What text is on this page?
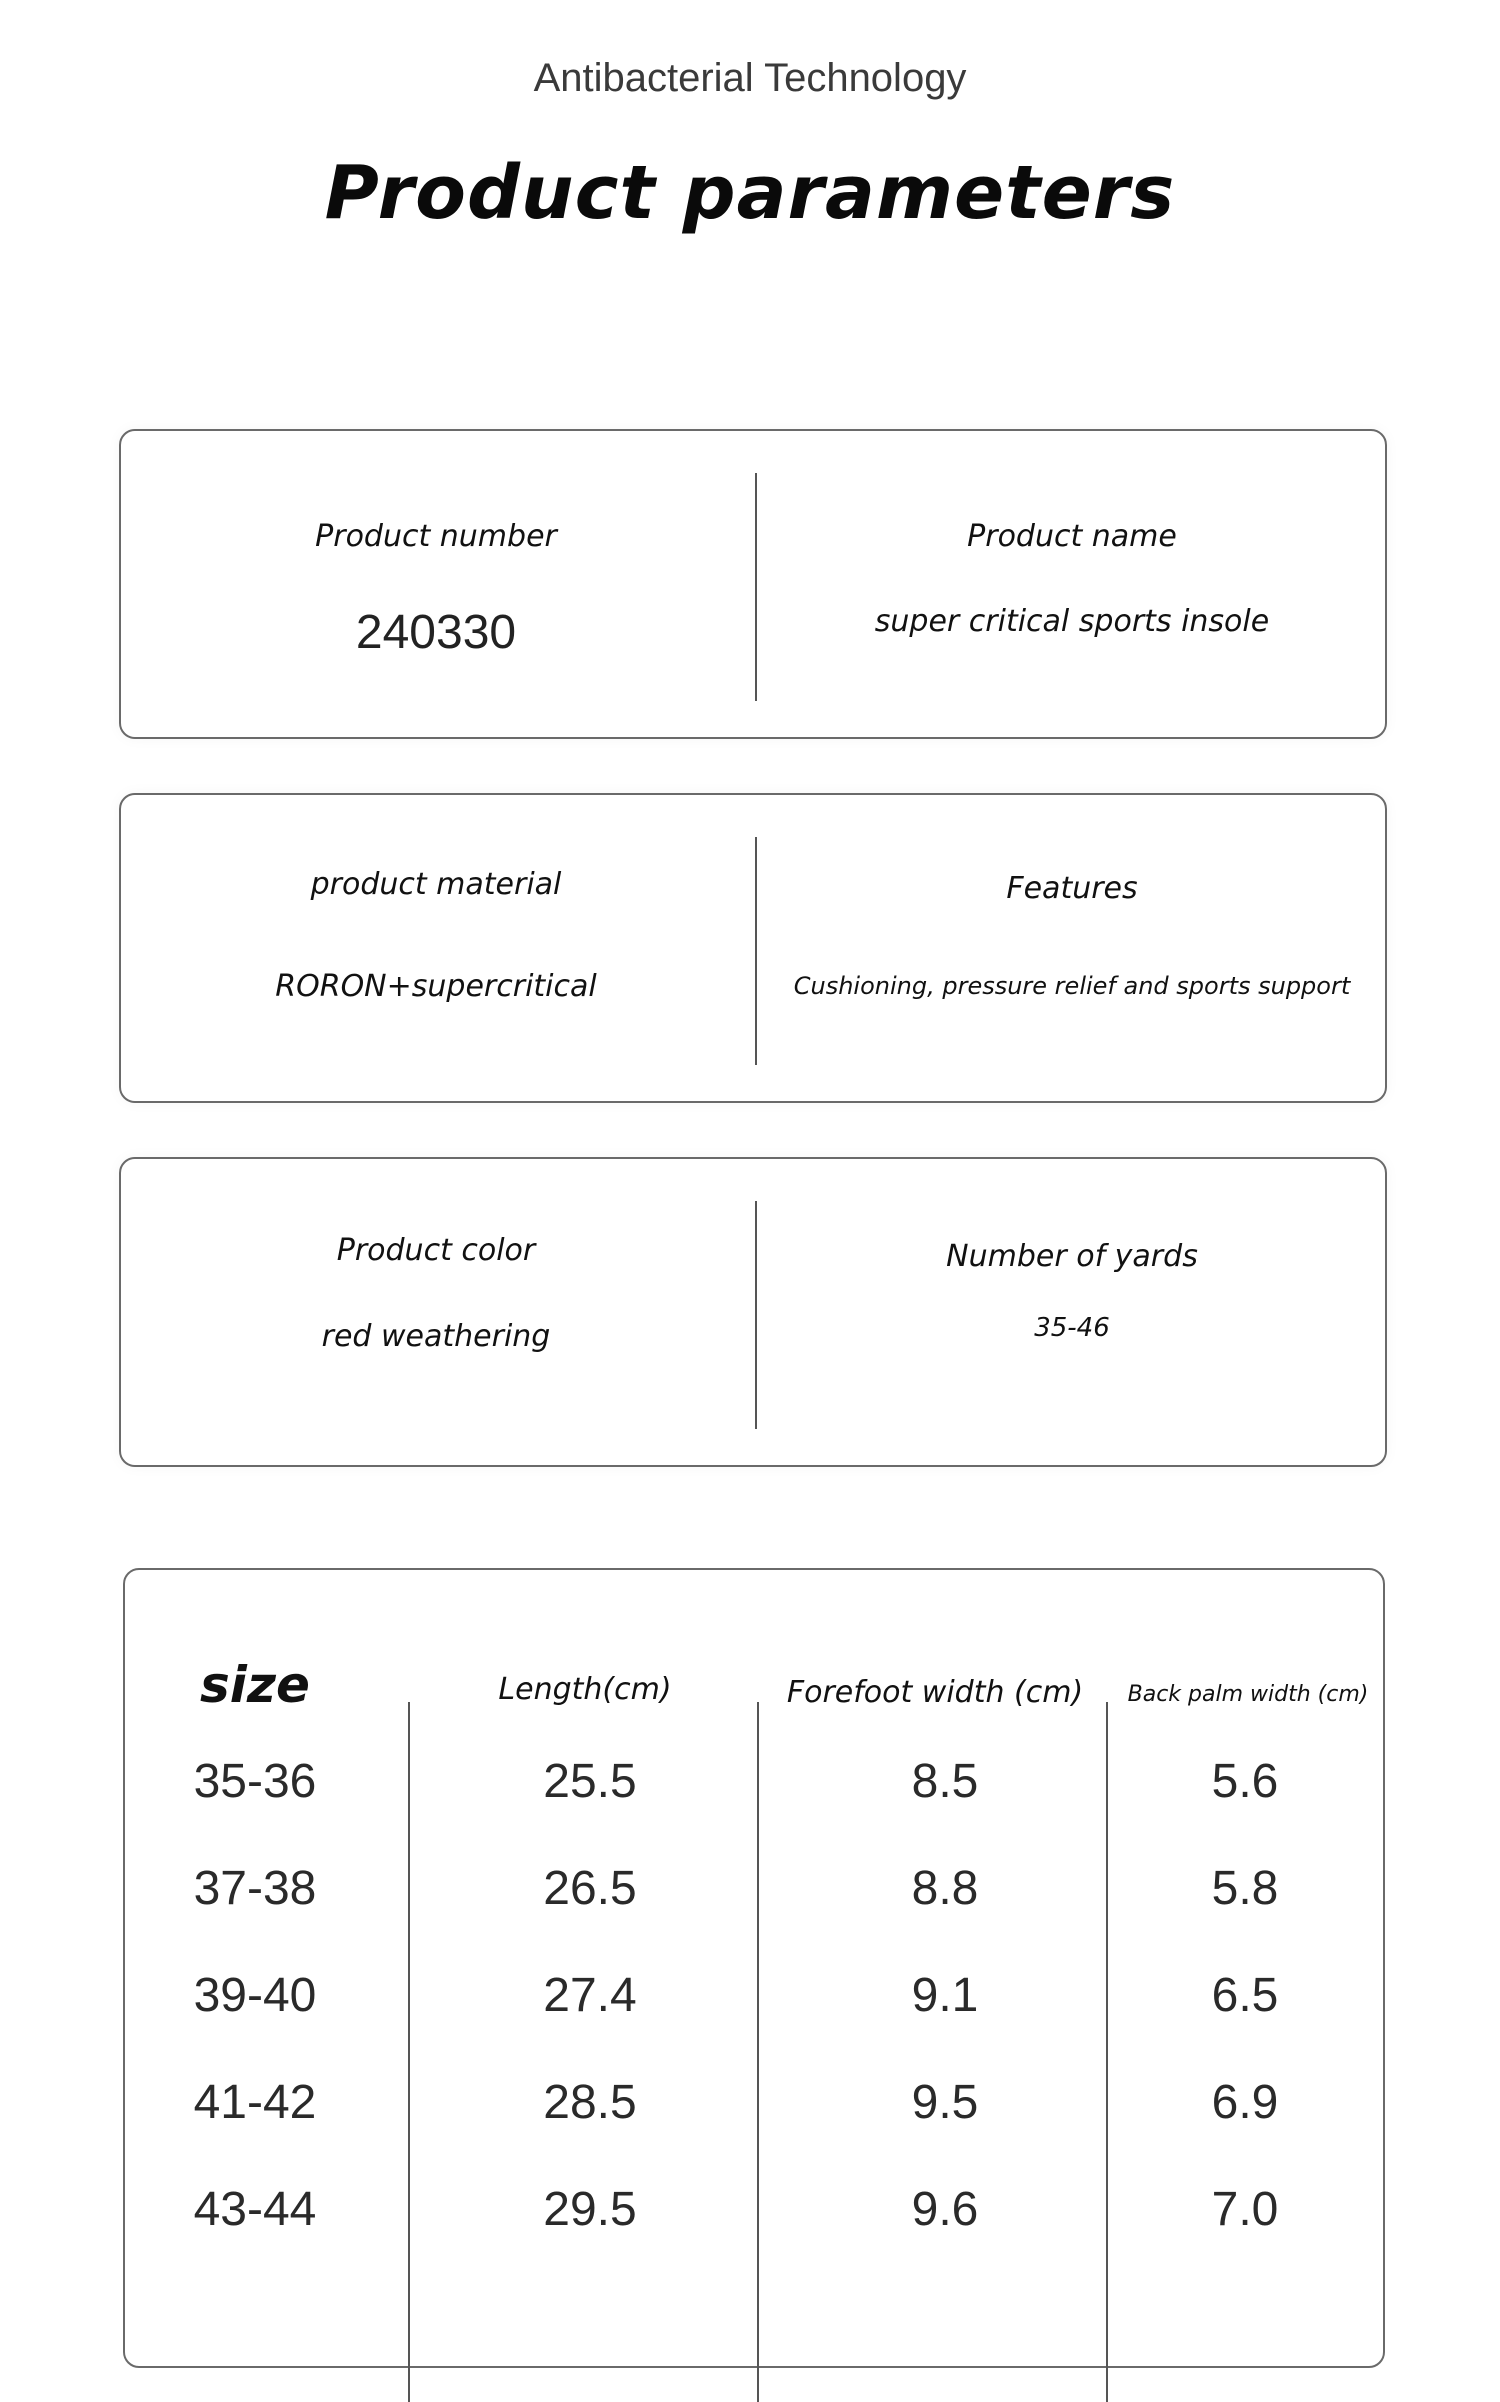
Antibacterial Technology
Product parameters
Product number
240330
Product name
super critical sports insole
product material
RORON+supercritical
Features
Cushioning, pressure relief and sports support
Product color
red weathering
Number of yards
35-46
size	Length(cm)	Forefoot width (cm)	Back palm width (cm)
35-36	25.5	8.5	5.6
37-38	26.5	8.8	5.8
39-40	27.4	9.1	6.5
41-42	28.5	9.5	6.9
43-44	29.5	9.6	7.0
